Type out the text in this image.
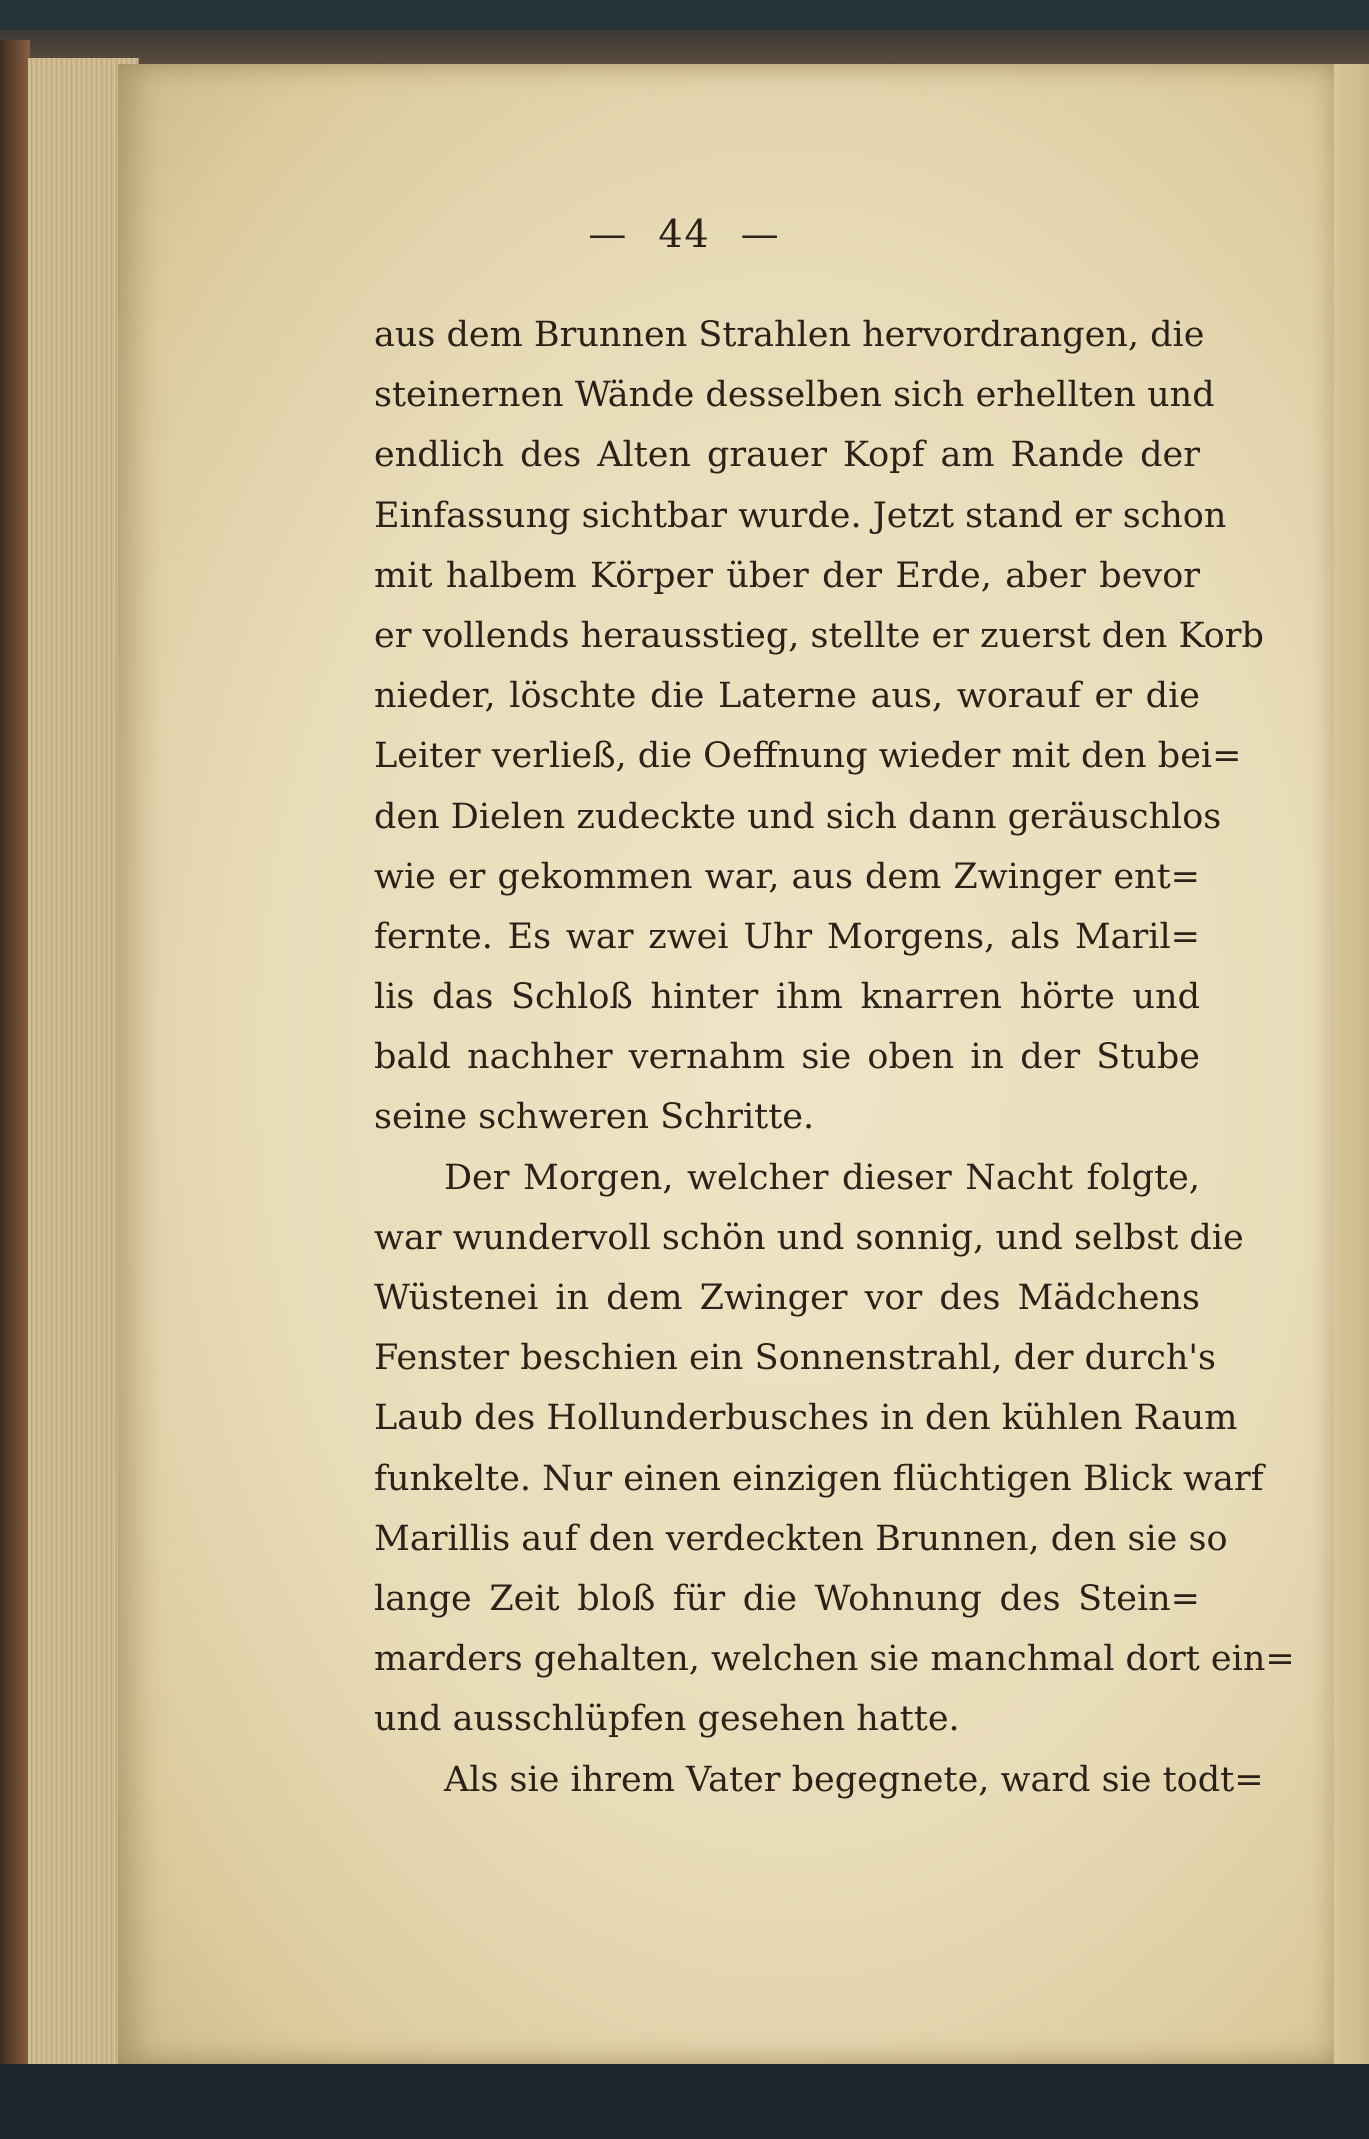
— 44 —
aus dem Brunnen Strahlen hervordrangen, die
steinernen Wände desselben sich erhellten und
endlich des Alten grauer Kopf am Rande der
Einfassung sichtbar wurde. Jetzt stand er schon
mit halbem Körper über der Erde, aber bevor
er vollends herausstieg, stellte er zuerst den Korb
nieder, löschte die Laterne aus, worauf er die
Leiter verließ, die Oeffnung wieder mit den bei=
den Dielen zudeckte und sich dann geräuschlos
wie er gekommen war, aus dem Zwinger ent=
fernte. Es war zwei Uhr Morgens, als Maril=
lis das Schloß hinter ihm knarren hörte und
bald nachher vernahm sie oben in der Stube
seine schweren Schritte.
Der Morgen, welcher dieser Nacht folgte,
war wundervoll schön und sonnig, und selbst die
Wüstenei in dem Zwinger vor des Mädchens
Fenster beschien ein Sonnenstrahl, der durch's
Laub des Hollunderbusches in den kühlen Raum
funkelte. Nur einen einzigen flüchtigen Blick warf
Marillis auf den verdeckten Brunnen, den sie so
lange Zeit bloß für die Wohnung des Stein=
marders gehalten, welchen sie manchmal dort ein=
und ausschlüpfen gesehen hatte.
Als sie ihrem Vater begegnete, ward sie todt=
